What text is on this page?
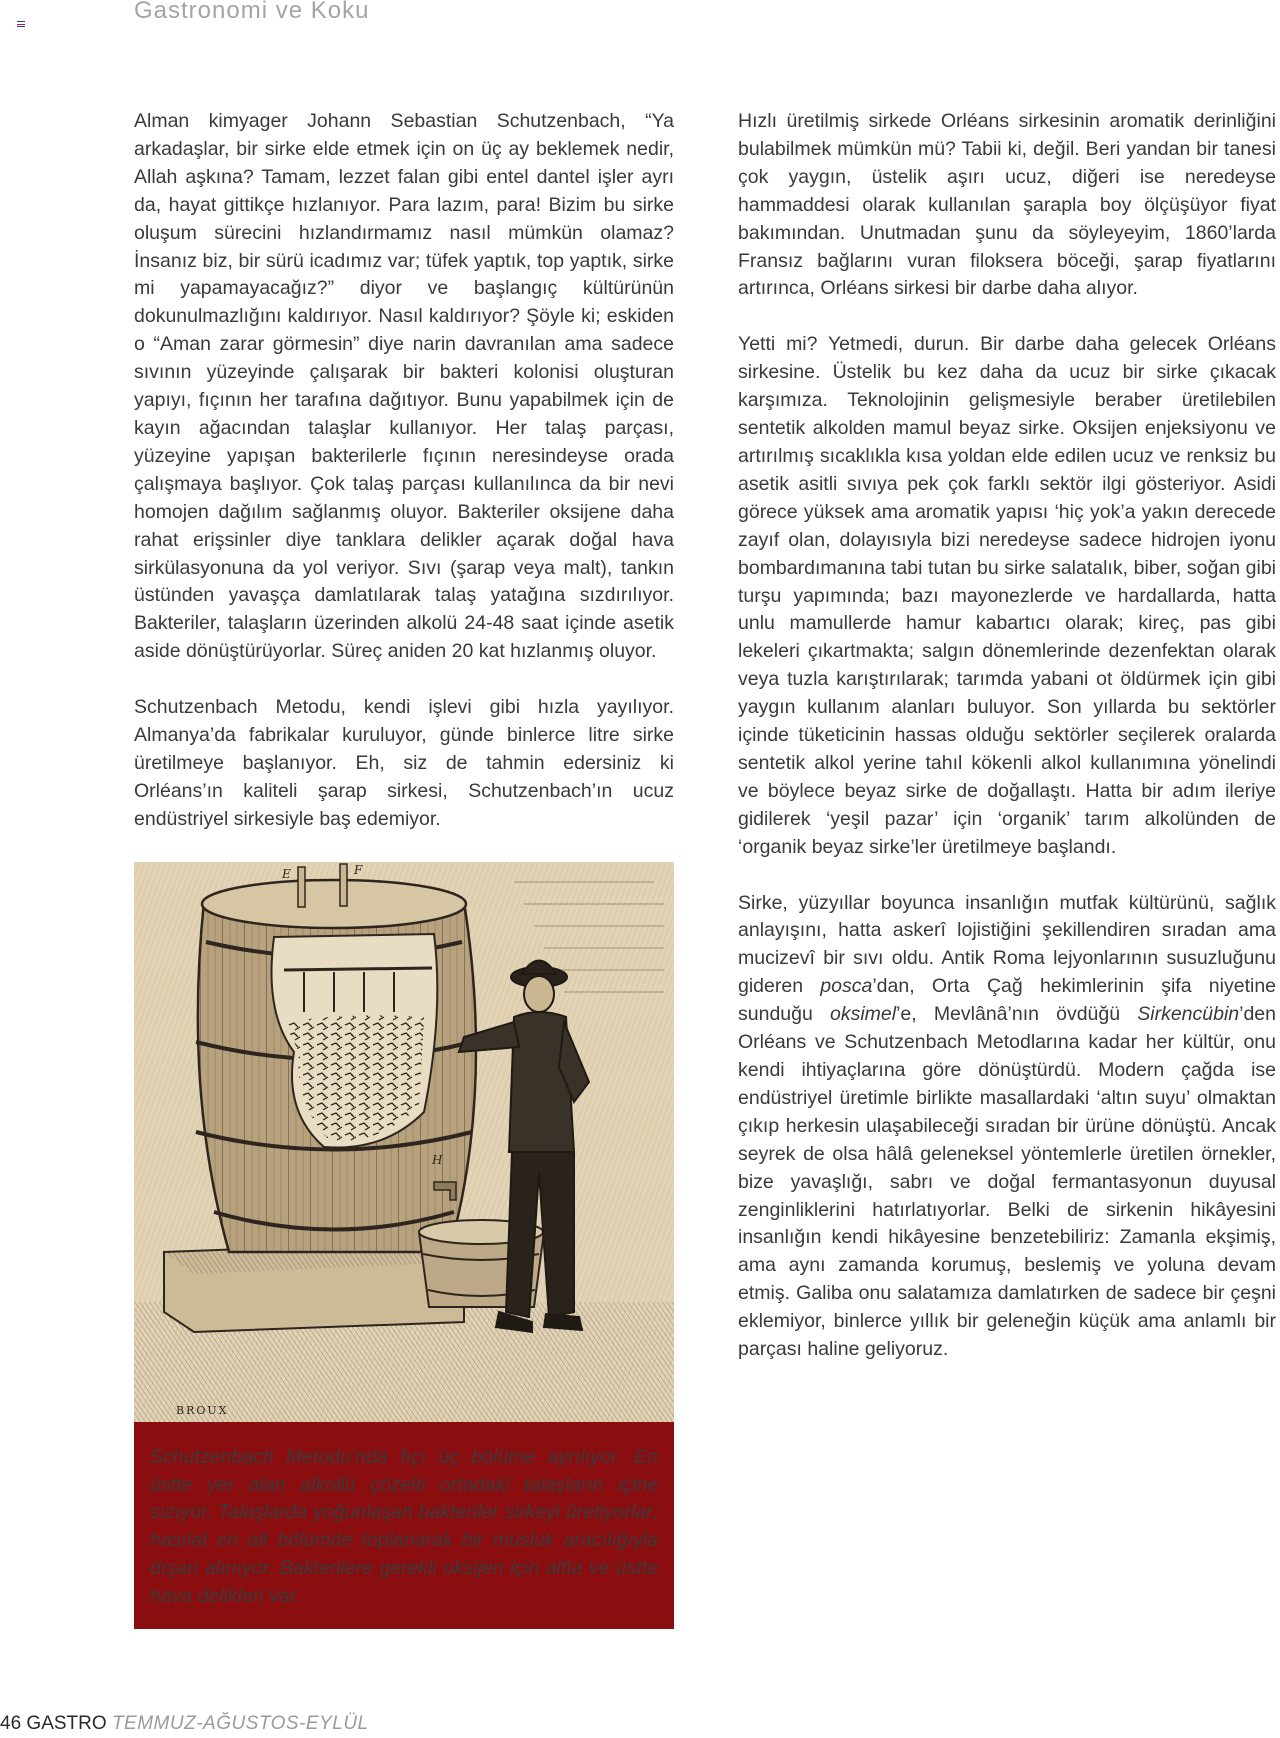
Gastronomi ve Koku

Alman kimyager Johann Sebastian Schutzenbach, “Ya arkadaşlar, bir sirke elde etmek için on üç ay beklemek nedir, Allah aşkına? Tamam, lezzet falan gibi entel dantel işler ayrı da, hayat gittikçe hızlanıyor. Para lazım, para! Bizim bu sirke oluşum sürecini hızlandırmamız nasıl mümkün olamaz? İnsanız biz, bir sürü icadımız var; tüfek yaptık, top yaptık, sirke mi yapamayacağız?” diyor ve başlangıç kültürünün dokunulmazlığını kaldırıyor. Nasıl kaldırıyor? Şöyle ki; eskiden o “Aman zarar görmesin” diye narin davranılan ama sadece sıvının yüzeyinde çalışarak bir bakteri kolonisi oluşturan yapıyı, fıçının her tarafına dağıtıyor. Bunu yapabilmek için de kayın ağacından talaşlar kullanıyor. Her talaş parçası, yüzeyine yapışan bakterilerle fıçının neresindeyse orada çalışmaya başlıyor. Çok talaş parçası kullanılınca da bir nevi homojen dağılım sağlanmış oluyor. Bakteriler oksijene daha rahat erişsinler diye tanklara delikler açarak doğal hava sirkülasyonuna da yol veriyor. Sıvı (şarap veya malt), tankın üstünden yavaşça damlatılarak talaş yatağına sızdırılıyor. Bakteriler, talaşların üzerinden alkolü 24-48 saat içinde asetik aside dönüştürüyorlar. Süreç aniden 20 kat hızlanmış oluyor.

Schutzenbach Metodu, kendi işlevi gibi hızla yayılıyor. Almanya’da fabrikalar kuruluyor, günde binlerce litre sirke üretilmeye başlanıyor. Eh, siz de tahmin edersiniz ki Orléans’ın kaliteli şarap sirkesi, Schutzenbach’ın ucuz endüstriyel sirkesiyle baş edemiyor.

E	F
H
BROUX

Schutzenbach Metodu’nda fıçı üç bölüme ayrılıyor. En üstte yer alan alkollü çözelti ortadaki talaşların içine sızıyor. Talaşlarda yoğunlaşan bakteriler sirkeyi üretiyorlar; hasılat en alt bölümde toplanarak bir musluk aracılığıyla dışarı alınıyor. Bakterilere gerekli oksijen için altta ve üstte hava delikleri var.

Hızlı üretilmiş sirkede Orléans sirkesinin aromatik derinliğini bulabilmek mümkün mü? Tabii ki, değil. Beri yandan bir tanesi çok yaygın, üstelik aşırı ucuz, diğeri ise neredeyse hammaddesi olarak kullanılan şarapla boy ölçüşüyor fiyat bakımından. Unutmadan şunu da söyleyeyim, 1860’larda Fransız bağlarını vuran filoksera böceği, şarap fiyatlarını artırınca, Orléans sirkesi bir darbe daha alıyor.

Yetti mi? Yetmedi, durun. Bir darbe daha gelecek Orléans sirkesine. Üstelik bu kez daha da ucuz bir sirke çıkacak karşımıza. Teknolojinin gelişmesiyle beraber üretilebilen sentetik alkolden mamul beyaz sirke. Oksijen enjeksiyonu ve artırılmış sıcaklıkla kısa yoldan elde edilen ucuz ve renksiz bu asetik asitli sıvıya pek çok farklı sektör ilgi gösteriyor. Asidi görece yüksek ama aromatik yapısı ‘hiç yok’a yakın derecede zayıf olan, dolayısıyla bizi neredeyse sadece hidrojen iyonu bombardımanına tabi tutan bu sirke salatalık, biber, soğan gibi turşu yapımında; bazı mayonezlerde ve hardallarda, hatta unlu mamullerde hamur kabartıcı olarak; kireç, pas gibi lekeleri çıkartmakta; salgın dönemlerinde dezenfektan olarak veya tuzla karıştırılarak; tarımda yabani ot öldürmek için gibi yaygın kullanım alanları buluyor. Son yıllarda bu sektörler içinde tüketicinin hassas olduğu sektörler seçilerek oralarda sentetik alkol yerine tahıl kökenli alkol kullanımına yönelindi ve böylece beyaz sirke de doğallaştı. Hatta bir adım ileriye gidilerek ‘yeşil pazar’ için ‘organik’ tarım alkolünden de ‘organik beyaz sirke’ler üretilmeye başlandı.

Sirke, yüzyıllar boyunca insanlığın mutfak kültürünü, sağlık anlayışını, hatta askerî lojistiğini şekillendiren sıradan ama mucizevî bir sıvı oldu. Antik Roma lejyonlarının susuzluğunu gideren posca’dan, Orta Çağ hekimlerinin şifa niyetine sunduğu oksimel’e, Mevlânâ’nın övdüğü Sirkencübin’den Orléans ve Schutzenbach Metodlarına kadar her kültür, onu kendi ihtiyaçlarına göre dönüştürdü. Modern çağda ise endüstriyel üretimle birlikte masallardaki ‘altın suyu’ olmaktan çıkıp herkesin ulaşabileceği sıradan bir ürüne dönüştü. Ancak seyrek de olsa hâlâ geleneksel yöntemlerle üretilen örnekler, bize yavaşlığı, sabrı ve doğal fermantasyonun duyusal zenginliklerini hatırlatıyorlar. Belki de sirkenin hikâyesini insanlığın kendi hikâyesine benzetebiliriz: Zamanla ekşimiş, ama aynı zamanda korumuş, beslemiş ve yoluna devam etmiş. Galiba onu salatamıza damlatırken de sadece bir çeşni eklemiyor, binlerce yıllık bir geleneğin küçük ama anlamlı bir parçası haline geliyoruz.

46 GASTRO TEMMUZ-AĞUSTOS-EYLÜL
